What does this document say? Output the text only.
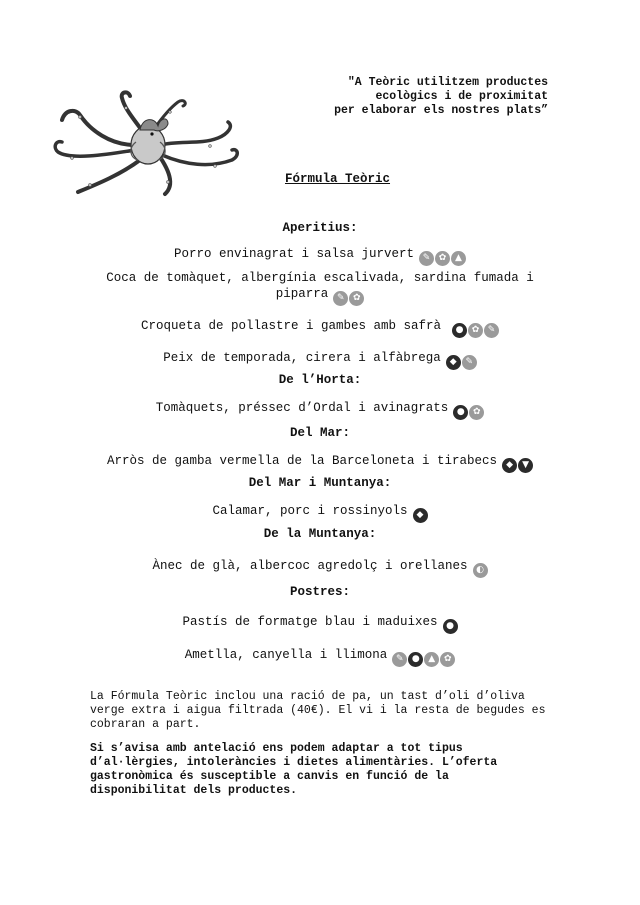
"A Teòric utilitzem productes
ecològics i de proximitat
per elaborar els nostres plats”
Fórmula Teòric
Aperitius:
Porro envinagrat i salsa jurvert ✎ ✿ ▲
Coca de tomàquet, albergínia escalivada, sardina fumada i
piparra ✎ ✿
Croqueta de pollastre i gambes amb safrà ● ✿ ✎
Peix de temporada, cirera i alfàbrega ◆ ✎
De l’Horta:
Tomàquets, préssec d’Ordal i avinagrats ● ✿
Del Mar:
Arròs de gamba vermella de la Barceloneta i tirabecs ◆ ▼
Del Mar i Muntanya:
Calamar, porc i rossinyols ◆
De la Muntanya:
Ànec de glà, albercoc agredolç i orellanes ◐
Postres:
Pastís de formatge blau i maduixes ●
Ametlla, canyella i llimona ✎ ● ▲ ✿

La Fórmula Teòric inclou una ració de pa, un tast d’oli d’oliva verge extra i aigua filtrada (40€). El vi i la resta de begudes es cobraran a part.

Si s’avisa amb antelació ens podem adaptar a tot tipus d’al·lèrgies, intoleràncies i dietes alimentàries. L’oferta gastronòmica és susceptible a canvis en funció de la disponibilitat dels productes.
